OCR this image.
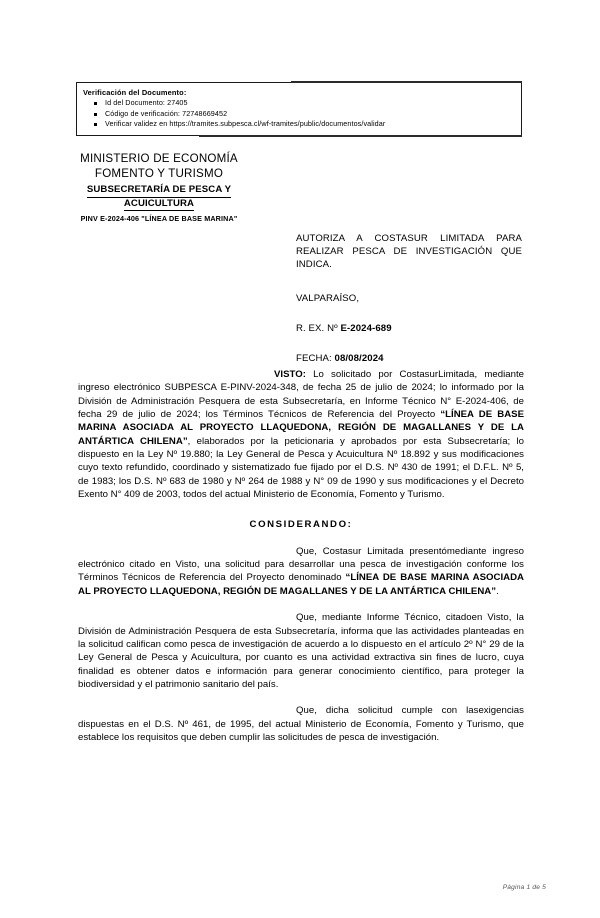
Verificación del Documento:
Id del Documento: 27405
Código de verificación: 72748669452
Verificar validez en https://tramites.subpesca.cl/wf-tramites/public/documentos/validar
MINISTERIO DE ECONOMÍA
FOMENTO Y TURISMO
SUBSECRETARÍA DE PESCA Y
ACUICULTURA
PINV E-2024-406 "LÍNEA DE BASE MARINA"
AUTORIZA A COSTASUR LIMITADA PARA REALIZAR PESCA DE INVESTIGACIÓN QUE INDICA.
VALPARAÍSO,
R. EX. Nº E-2024-689
FECHA: 08/08/2024

VISTO: Lo solicitado por CostasurLimitada, mediante ingreso electrónico SUBPESCA E-PINV-2024-348, de fecha 25 de julio de 2024; lo informado por la División de Administración Pesquera de esta Subsecretaría, en Informe Técnico N° E-2024-406, de fecha 29 de julio de 2024; los Términos Técnicos de Referencia del Proyecto “LÍNEA DE BASE MARINA ASOCIADA AL PROYECTO LLAQUEDONA, REGIÓN DE MAGALLANES Y DE LA ANTÁRTICA CHILENA”, elaborados por la peticionaria y aprobados por esta Subsecretaría; lo dispuesto en la Ley Nº 19.880; la Ley General de Pesca y Acuicultura Nº 18.892 y sus modificaciones cuyo texto refundido, coordinado y sistematizado fue fijado por el D.S. Nº 430 de 1991; el D.F.L. Nº 5, de 1983; los D.S. Nº 683 de 1980 y Nº 264 de 1988 y N° 09 de 1990 y sus modificaciones y el Decreto Exento N° 409 de 2003, todos del actual Ministerio de Economía, Fomento y Turismo.

CONSIDERANDO:

Que, Costasur Limitada presentómediante ingreso electrónico citado en Visto, una solicitud para desarrollar una pesca de investigación conforme los Términos Técnicos de Referencia del Proyecto denominado “LÍNEA DE BASE MARINA ASOCIADA AL PROYECTO LLAQUEDONA, REGIÓN DE MAGALLANES Y DE LA ANTÁRTICA CHILENA”.

Que, mediante Informe Técnico, citadoen Visto, la División de Administración Pesquera de esta Subsecretaría, informa que las actividades planteadas en la solicitud califican como pesca de investigación de acuerdo a lo dispuesto en el artículo 2º N° 29 de la Ley General de Pesca y Acuicultura, por cuanto es una actividad extractiva sin fines de lucro, cuya finalidad es obtener datos e información para generar conocimiento científico, para proteger la biodiversidad y el patrimonio sanitario del país.

Que, dicha solicitud cumple con lasexigencias dispuestas en el D.S. Nº 461, de 1995, del actual Ministerio de Economía, Fomento y Turismo, que establece los requisitos que deben cumplir las solicitudes de pesca de investigación.

Página 1 de 5
